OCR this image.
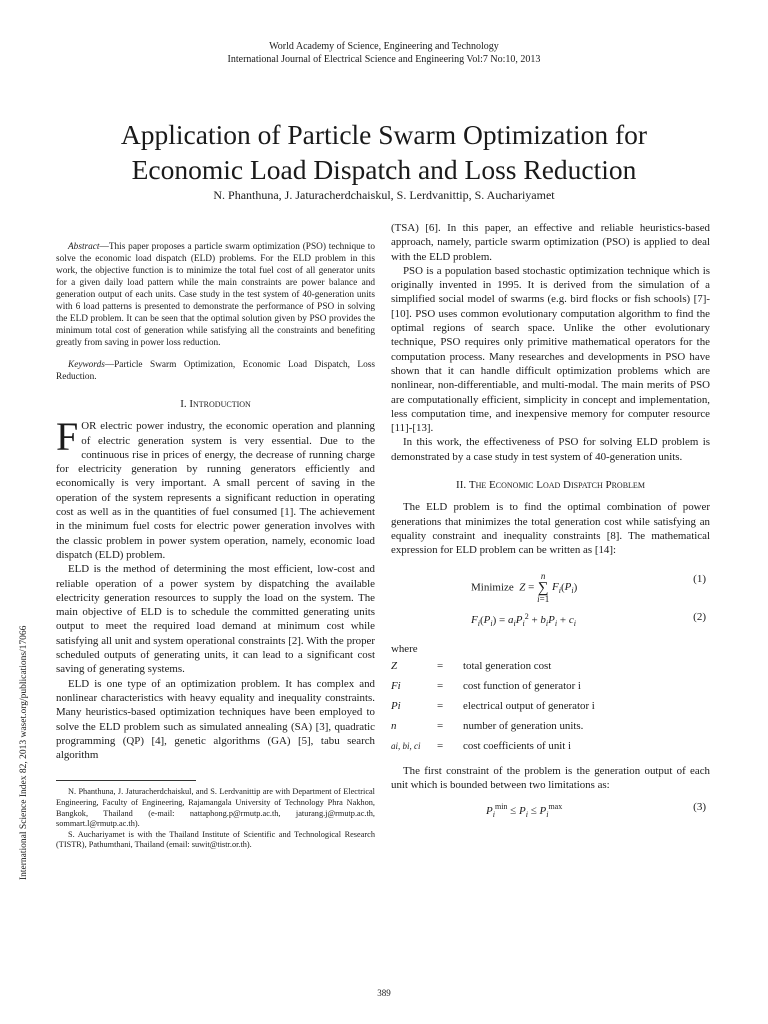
World Academy of Science, Engineering and Technology
International Journal of Electrical Science and Engineering Vol:7 No:10, 2013
Application of Particle Swarm Optimization for
Economic Load Dispatch and Loss Reduction
N. Phanthuna, J. Jaturacherdchaiskul, S. Lerdvanittip, S. Auchariyamet
International Science Index 82, 2013 waset.org/publications/17066

Abstract—This paper proposes a particle swarm optimization (PSO) technique to solve the economic load dispatch (ELD) problems. For the ELD problem in this work, the objective function is to minimize the total fuel cost of all generator units for a given daily load pattern while the main constraints are power balance and generation output of each units. Case study in the test system of 40-generation units with 6 load patterns is presented to demonstrate the performance of PSO in solving the ELD problem. It can be seen that the optimal solution given by PSO provides the minimum total cost of generation while satisfying all the constraints and benefiting greatly from saving in power loss reduction.

Keywords—Particle Swarm Optimization, Economic Load Dispatch, Loss Reduction.

I. Introduction

FOR electric power industry, the economic operation and planning of electric generation system is very essential. Due to the continuous rise in prices of energy, the decrease of running charge for electricity generation by running generators efficiently and economically is very important. A small percent of saving in the operation of the system represents a significant reduction in operating cost as well as in the quantities of fuel consumed [1]. The achievement in the minimum fuel costs for electric power generation involves with the classic problem in power system operation, namely, economic load dispatch (ELD) problem.

ELD is the method of determining the most efficient, low-cost and reliable operation of a power system by dispatching the available electricity generation resources to supply the load on the system. The main objective of ELD is to schedule the committed generating units output to meet the required load demand at minimum cost while satisfying all unit and system operational constraints [2]. With the proper scheduled outputs of generating units, it can lead to a significant cost saving of generating systems.

ELD is one type of an optimization problem. It has complex and nonlinear characteristics with heavy equality and inequality constraints. Many heuristics-based optimization techniques have been employed to solve the ELD problem such as simulated annealing (SA) [3], quadratic programming (QP) [4], genetic algorithms (GA) [5], tabu search algorithm

N. Phanthuna, J. Jaturacherdchaiskul, and S. Lerdvanittip are with Department of Electrical Engineering, Faculty of Engineering, Rajamangala University of Technology Phra Nakhon, Bangkok, Thailand (e-mail: nattaphong.p@rmutp.ac.th, jaturang.j@rmutp.ac.th, sommart.l@rmutp.ac.th).

S. Auchariyamet is with the Thailand Institute of Scientific and Technological Research (TISTR), Pathumthani, Thailand (email: suwit@tistr.or.th).

(TSA) [6]. In this paper, an effective and reliable heuristics-based approach, namely, particle swarm optimization (PSO) is applied to deal with the ELD problem.

PSO is a population based stochastic optimization technique which is originally invented in 1995. It is derived from the simulation of a simplified social model of swarms (e.g. bird flocks or fish schools) [7]-[10]. PSO uses common evolutionary computation algorithm to find the optimal regions of search space. Unlike the other evolutionary technique, PSO requires only primitive mathematical operators for the computation process. Many researches and developments in PSO have shown that it can handle difficult optimization problems which are nonlinear, non-differentiable, and multi-modal. The main merits of PSO are computationally efficient, simplicity in concept and implementation, less computation time, and inexpensive memory for computer resource [11]-[13].

In this work, the effectiveness of PSO for solving ELD problem is demonstrated by a case study in test system of 40-generation units.

II. The Economic Load Dispatch Problem

The ELD problem is to find the optimal combination of power generations that minimizes the total generation cost while satisfying an equality constraint and inequality constraints [8]. The mathematical expression for ELD problem can be written as [14]:

Minimize Z =
n
∑
i=1
$F_i(P_i)$
(1)
$F_i(P_i) = a_iP_i^2 + b_iP_i + c_i$
(2)
where
Z	=	total generation cost
Fi	=	cost function of generator i
Pi	=	electrical output of generator i
n	=	number of generation units.
ai, bi, ci	=	cost coefficients of unit i

The first constraint of the problem is the generation output of each unit which is bounded between two limitations as:

$P_i^{min} \le P_i \le P_i^{max}$	(3)
389
